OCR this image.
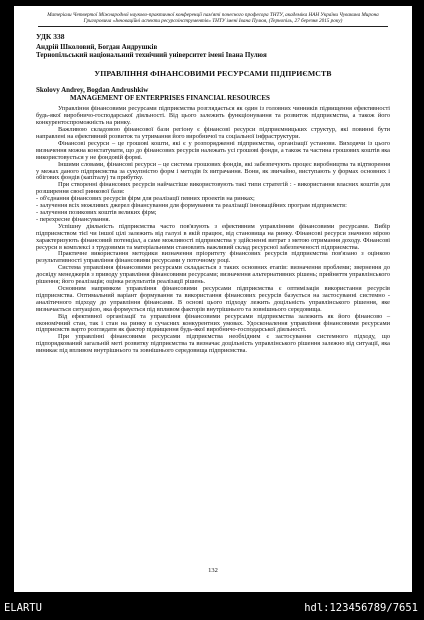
Матеріали Четвертої Міжнародної науково-практичної конференції пам'яті почесного професора ТНТУ, академіка НАН України Чувакина Мирона Григоровича «Інноваційні аспекти ресурсоінструментів» ТНТУ імені Івана Пулюя, (Тернопіль, 27 березня 2015 року)
УДК 338
Андрій Школовий, Богдан Андрушків
Тернопільський національний технічний університет імені Івана Пулюя
УПРАВЛІННЯ ФІНАНСОВИМИ РЕСУРСАМИ ПІДПРИЄМСТВ
Skolovy Andrey, Bogdan Andrushkiw
MANAGEMENT OF ENTERPRISES FINANCIAL RESOURCES

Управління фінансовими ресурсами підприємства розглядається як один із головних чинників підвищення ефективності будь-якої виробничо-господарської діяльності. Від цього залежить функціонування та розвиток підприємства, а також його конкурентоспроможність на ринку.

Важливою складовою фінансової бази регіону є фінансові ресурси підприємницьких структур, які повинні бути направлені на ефективний розвиток та утримання його виробничої та соціальної інфраструктури.

Фінансові ресурси – це грошові кошти, які є у розпорядженні підприємства, організації установи. Виходячи із цього визначення можна констатувати, що до фінансових ресурсів належать усі грошові фонди, а також та частина грошових коштів яка використовується у не фондовій формі.

Іншими словами, фінансові ресурси – це система грошових фондів, які забезпечують процес виробництва та відтворення у межах даного підприємства за сукупністю форм і методів їх витрачання. Вони, як звичайно, виступають у формах основних і обігових фондів (капіталу) та прибутку.

При створенні фінансових ресурсів найчастіше використовують такі типи стратегій : - використання власних коштів для розширення своєї ринкової бази:

- об'єднання фінансових ресурсів фірм для реалізації певних проектів на ринках;

- залучення всіх можливих джерел фінансування для формування та реалізації інноваційних програм підприємств:

- залучення позикових коштів великих фірм;

- перехресне фінансування.

Успішну діяльність підприємства часто пов'язують з ефективним управлінням фінансовими ресурсами. Вибір підприємством тієї чи іншої цілі залежить від галузі в якій працює, від становища на ринку. Фінансові ресурси значною мірою характеризують фінансовий потенціал, а саме можливості підприємства у здійсненні витрат з метою отримання доходу. Фінансові ресурси в комплексі з трудовими та матеріальними становлять важливий склад ресурсної забезпеченості підприємства.

Практичне використання методики визначення пріоритету фінансових ресурсів підприємства пов'язано з оцінкою результативності управління фінансовими ресурсами у поточному році.

Система управління фінансовими ресурсами складається з таких основних етапів: визначення проблеми; звернення до досвіду менеджерів з приводу управління фінансовими ресурсами; визначення альтернативних рішень; прийняття управлінського рішення; його реалізація; оцінка результатів реалізації рішень.

Основним напрямком управління фінансовими ресурсами підприємства є оптимізація використання ресурсів підприємства. Оптимальний варіант формування та використання фінансових ресурсів базується на застосуванні системно - аналітичного підходу до управління фінансами. В основі цього підходу лежить доцільність управлінського рішення, яке визначається ситуацією, яка формується під впливом факторів внутрішнього та зовнішнього середовища.

Від ефективної організації та управління фінансовими ресурсами підприємства залежить як його фінансово – економічний стан, так і стан на ринку в сучасних конкурентних умовах. Удосконалення управління фінансовими ресурсами підприємств варто розглядати як фактор підвищення будь-якої виробничо-господарської діяльності.

При управлінні фінансовими ресурсами підприємства необхідним є застосування системного підходу, що підпорядкований загальній меті розвитку підприємства та визначає доцільність управлінського рішення залежно від ситуації, яка виникає під впливом внутрішнього та зовнішнього середовища підприємства.

132
ELARTU	hdl:123456789/7651
